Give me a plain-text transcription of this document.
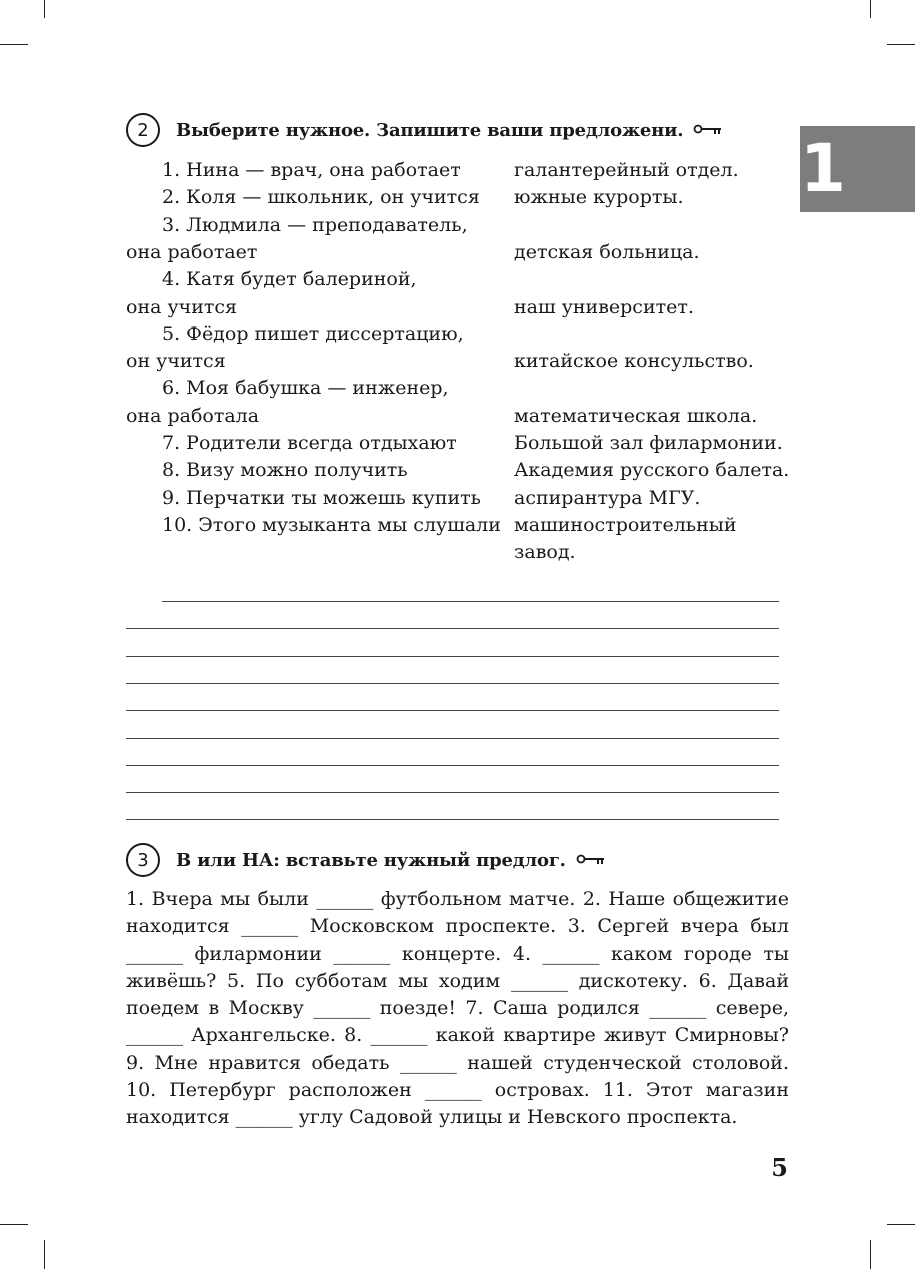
1
2	Выберите нужное. Запишите ваши предложени.
1. Нина — врач, она работает
2. Коля — школьник, он учится
3. Людмила — преподаватель,
она работает
4. Катя будет балериной,
она учится
5. Фёдор пишет диссертацию,
он учится
6. Моя бабушка — инженер,
она работала
7. Родители всегда отдыхают
8. Визу можно получить
9. Перчатки ты можешь купить
10. Этого музыканта мы слушали
галантерейный отдел.
южные курорты.
детская больница.
наш университет.
китайское консульство.
математическая школа.
Большой зал филармонии.
Академия русского балета.
аспирантура МГУ.
машиностроительный
завод.
3	В или НА: вставьте нужный предлог.
1. Вчера мы были ______ футбольном матче. 2. Наше общежитие находится ______ Московском проспекте. 3. Сергей вчера был ______ филармонии ______ концерте. 4. ______ каком городе ты живёшь? 5. По субботам мы ходим ______ дискотеку. 6. Давай поедем в Москву ______ поезде! 7. Саша родился ______ севере, ______ Архангельске. 8. ______ какой квартире живут Смирновы? 9. Мне нравится обедать ______ нашей студенческой столовой. 10. Петербург расположен ______ островах. 11. Этот магазин находится ______ углу Садовой улицы и Невского проспекта.
5
